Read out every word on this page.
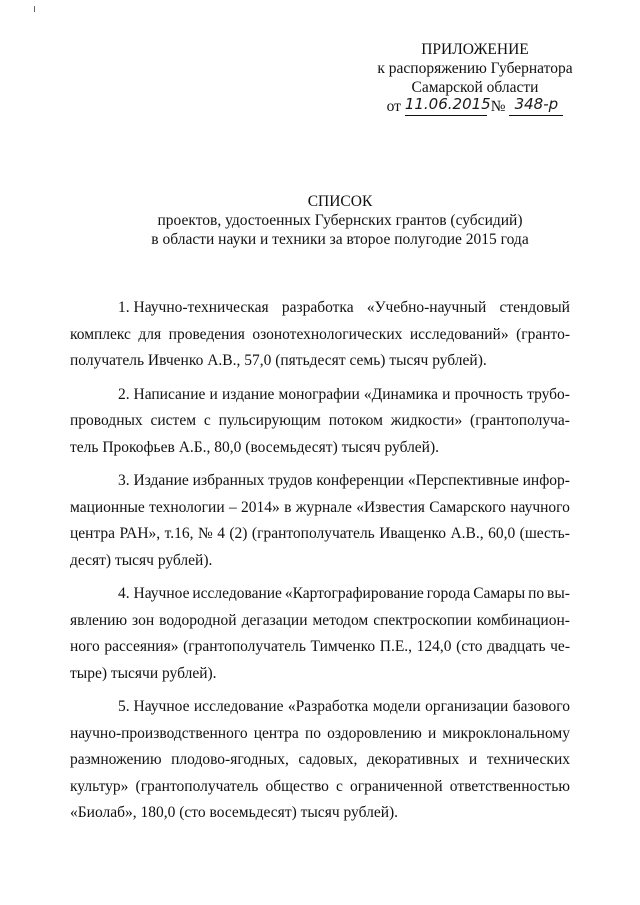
ПРИЛОЖЕНИЕ
к распоряжению Губернатора
Самарской области
от 11.06.2015 № 348-р
СПИСОК
проектов, удостоенных Губернских грантов (субсидий)
в области науки и техники за второе полугодие 2015 года
1. Научно-техническая разработка «Учебно-научный стендовый
комплекс для проведения озонотехнологических исследований» (гранто-
получатель Ивченко А.В., 57,0 (пятьдесят семь) тысяч рублей).
2. Написание и издание монографии «Динамика и прочность трубо-
проводных систем с пульсирующим потоком жидкости» (грантополуча-
тель Прокофьев А.Б., 80,0 (восемьдесят) тысяч рублей).
3. Издание избранных трудов конференции «Перспективные инфор-
мационные технологии – 2014» в журнале «Известия Самарского научного
центра РАН», т.16, № 4 (2) (грантополучатель Иващенко А.В., 60,0 (шесть-
десят) тысяч рублей).
4. Научное исследование «Картографирование города Самары по вы-
явлению зон водородной дегазации методом спектроскопии комбинацион-
ного рассеяния» (грантополучатель Тимченко П.Е., 124,0 (сто двадцать че-
тыре) тысячи рублей).
5. Научное исследование «Разработка модели организации базового
научно-производственного центра по оздоровлению и микроклональному
размножению плодово-ягодных, садовых, декоративных и технических
культур» (грантополучатель общество с ограниченной ответственностью
«Биолаб», 180,0 (сто восемьдесят) тысяч рублей).
